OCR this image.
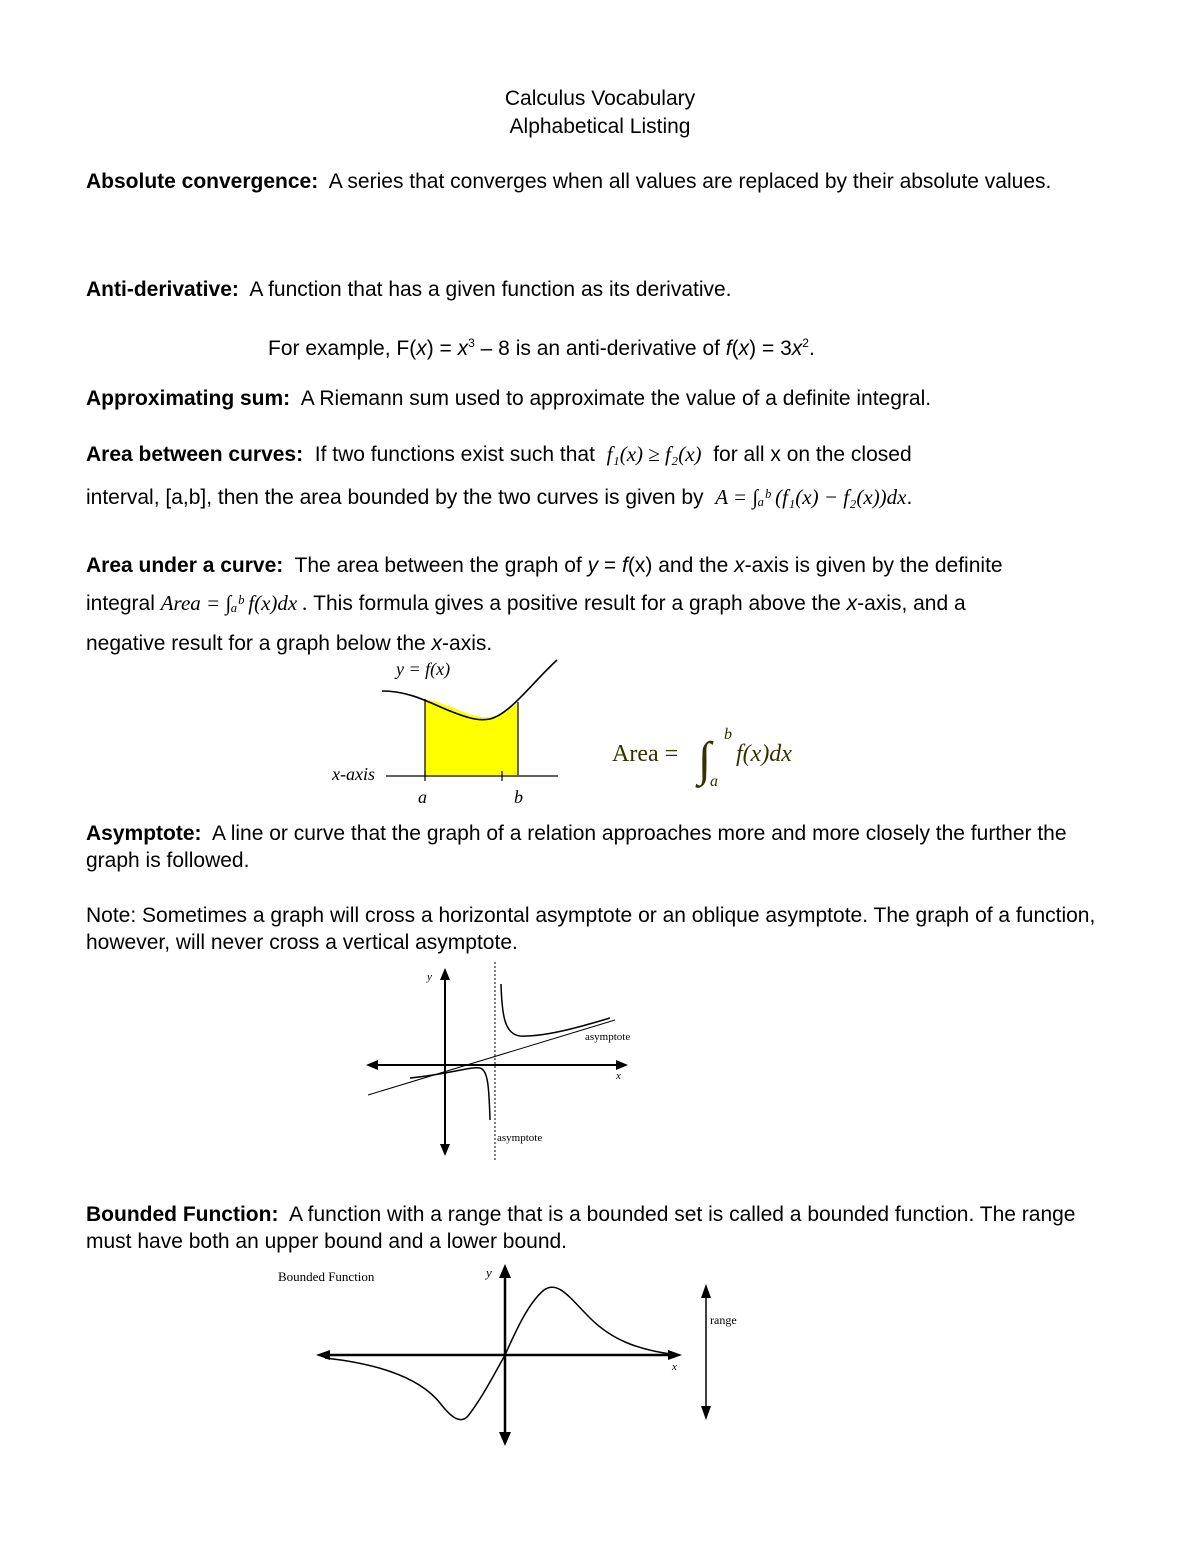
Calculus Vocabulary
Alphabetical Listing
Absolute convergence: A series that converges when all values are replaced by their absolute values.
Anti-derivative: A function that has a given function as its derivative.
For example, $F(x) = x^3 - 8$ is an anti-derivative of $f(x) = 3x^2$.
Approximating sum: A Riemann sum used to approximate the value of a definite integral.
Area between curves: If two functions exist such that f₁(x) ≥ f₂(x) for all x on the closed
interval, [a,b], then the area bounded by the two curves is given by A = ∫ₐᵇ (f₁(x) − f₂(x))dx.
Area under a curve: The area between the graph of y = f(x) and the x-axis is given by the definite
integral Area = ∫ₐᵇ f(x)dx . This formula gives a positive result for a graph above the x-axis, and a
negative result for a graph below the x-axis.
y = f(x)
x-axis
a	b
Area = ∫ b
a
f(x)dx
Asymptote: A line or curve that the graph of a relation approaches more and more closely the further the graph is followed.
Note: Sometimes a graph will cross a horizontal asymptote or an oblique asymptote. The graph of a function, however, will never cross a vertical asymptote.
y
x
asymptote
asymptote
Bounded Function: A function with a range that is a bounded set is called a bounded function. The range must have both an upper bound and a lower bound.
Bounded Function	y
x
range
